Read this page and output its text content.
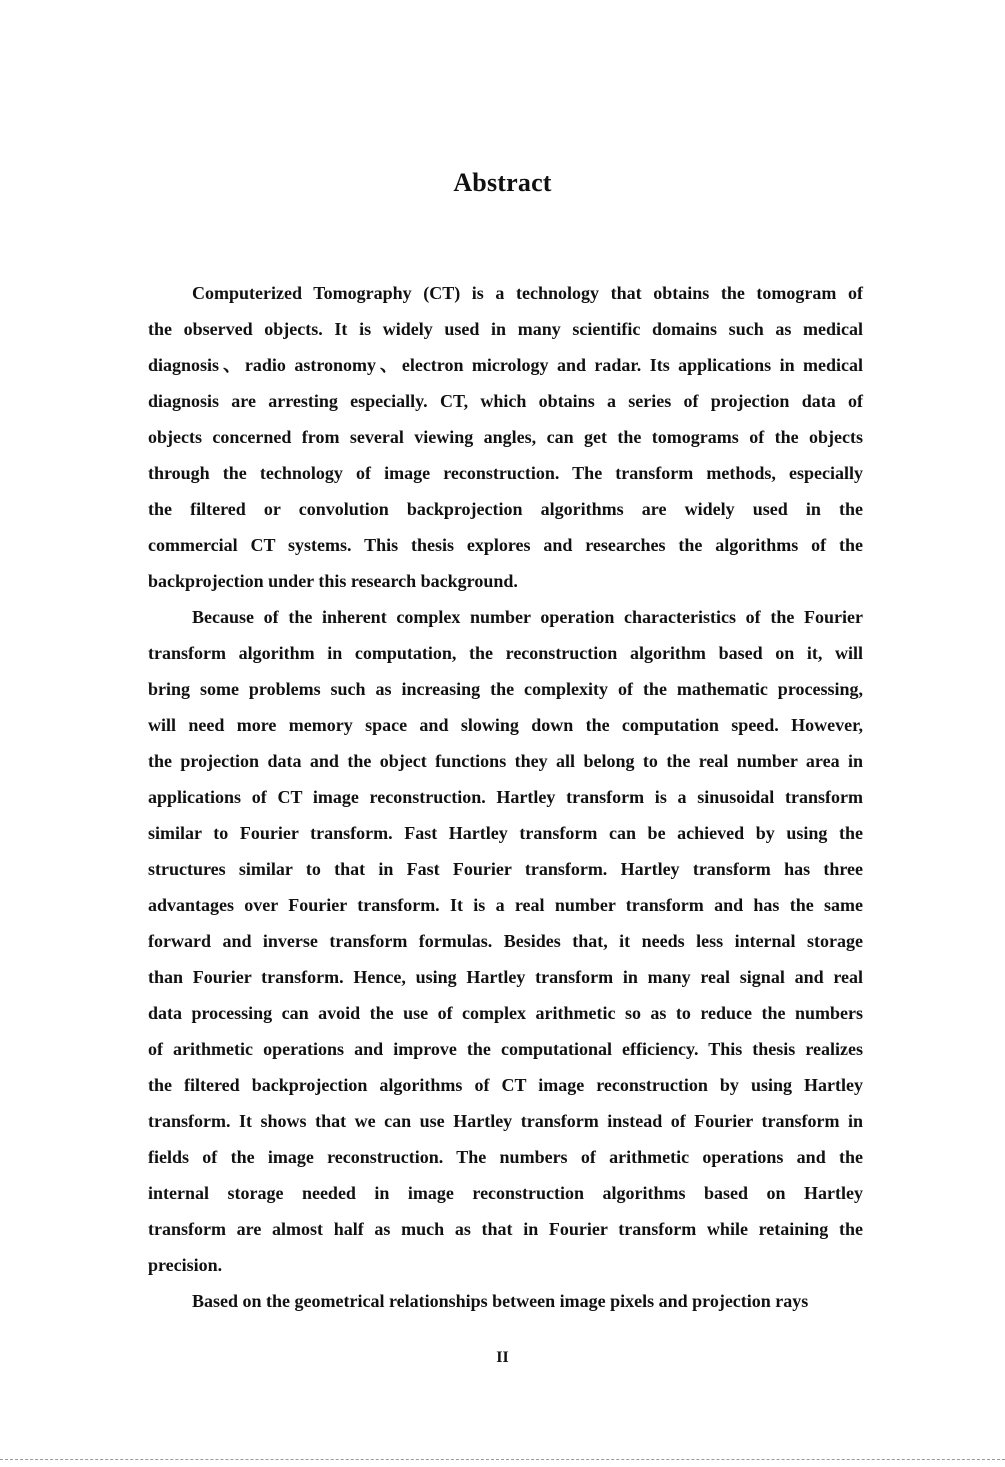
Abstract
Computerized Tomography (CT) is a technology that obtains the tomogram of
the observed objects. It is widely used in many scientific domains such as medical
diagnosis、radio astronomy、electron micrology and radar. Its applications in medical
diagnosis are arresting especially. CT, which obtains a series of projection data of
objects concerned from several viewing angles, can get the tomograms of the objects
through the technology of image reconstruction. The transform methods, especially
the filtered or convolution backprojection algorithms are widely used in the
commercial CT systems. This thesis explores and researches the algorithms of the
backprojection under this research background.
Because of the inherent complex number operation characteristics of the Fourier
transform algorithm in computation, the reconstruction algorithm based on it, will
bring some problems such as increasing the complexity of the mathematic processing,
will need more memory space and slowing down the computation speed. However,
the projection data and the object functions they all belong to the real number area in
applications of CT image reconstruction. Hartley transform is a sinusoidal transform
similar to Fourier transform. Fast Hartley transform can be achieved by using the
structures similar to that in Fast Fourier transform. Hartley transform has three
advantages over Fourier transform. It is a real number transform and has the same
forward and inverse transform formulas. Besides that, it needs less internal storage
than Fourier transform. Hence, using Hartley transform in many real signal and real
data processing can avoid the use of complex arithmetic so as to reduce the numbers
of arithmetic operations and improve the computational efficiency. This thesis realizes
the filtered backprojection algorithms of CT image reconstruction by using Hartley
transform. It shows that we can use Hartley transform instead of Fourier transform in
fields of the image reconstruction. The numbers of arithmetic operations and the
internal storage needed in image reconstruction algorithms based on Hartley
transform are almost half as much as that in Fourier transform while retaining the
precision.
Based on the geometrical relationships between image pixels and projection rays
II
